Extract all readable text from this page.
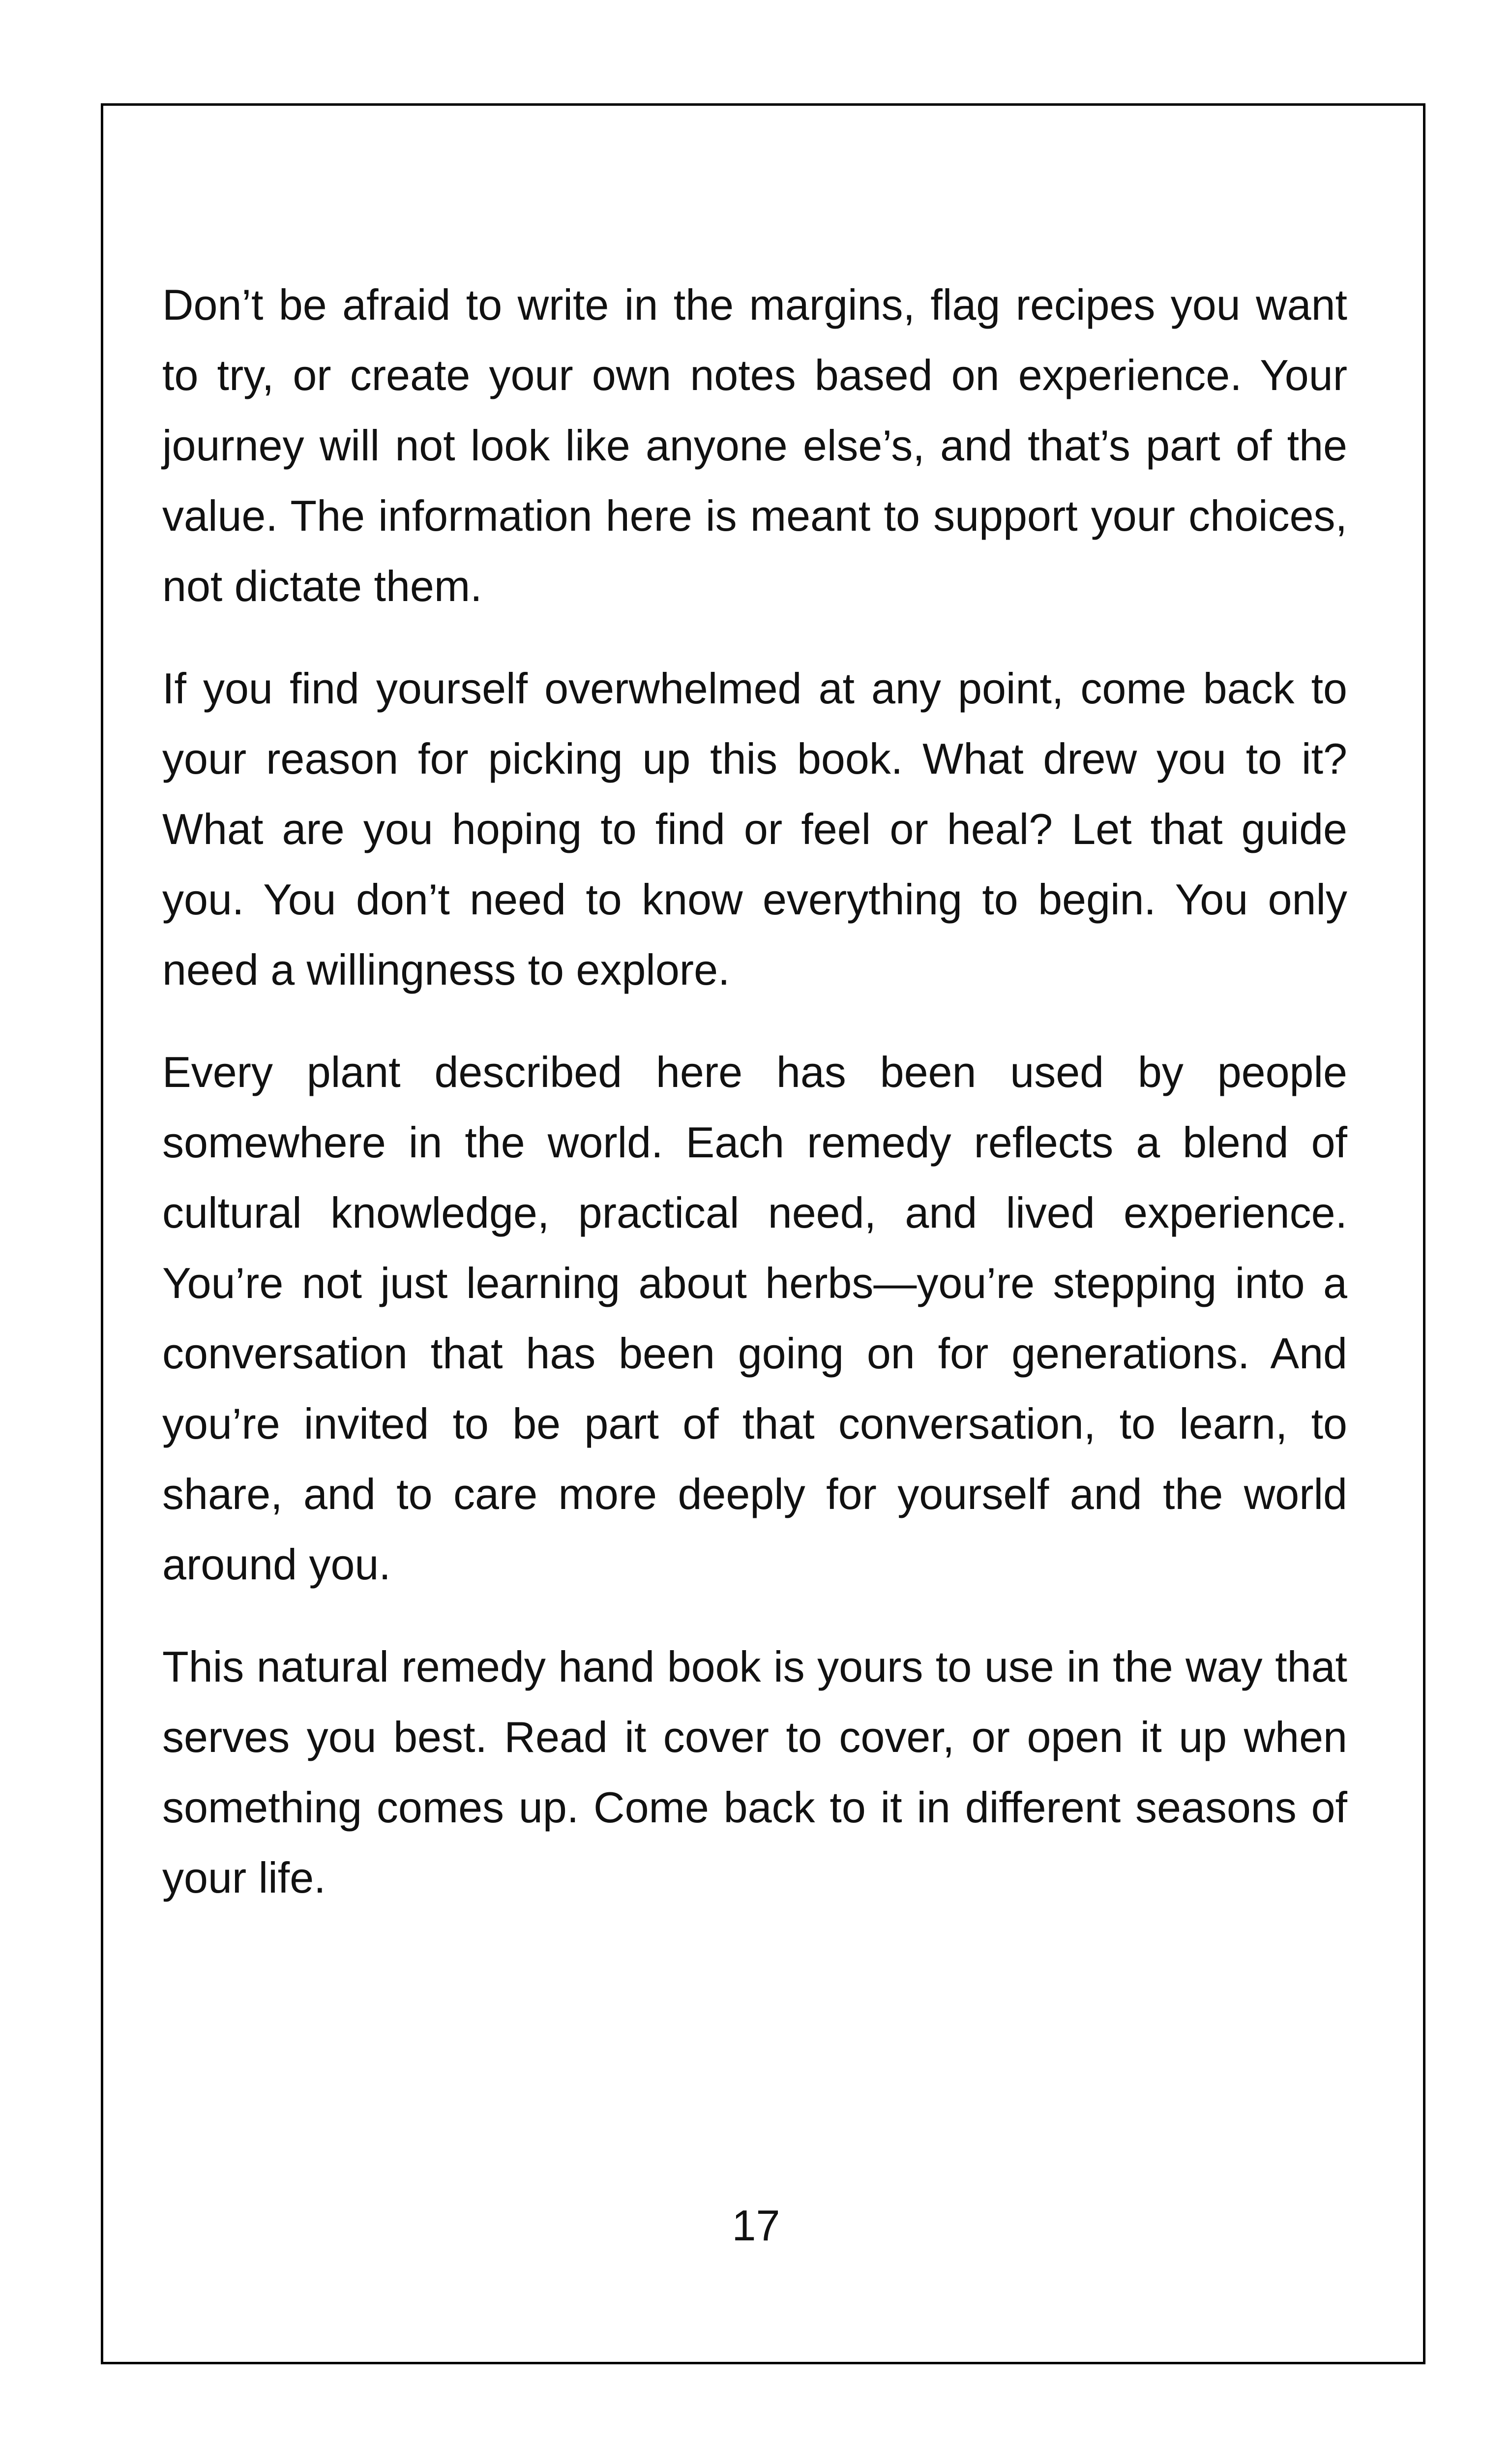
Don’t be afraid to write in the margins, flag recipes you want to try, or create your own notes based on experience. Your journey will not look like anyone else’s, and that’s part of the value. The information here is meant to support your choices, not dictate them.

If you find yourself overwhelmed at any point, come back to your reason for picking up this book. What drew you to it? What are you hoping to find or feel or heal? Let that guide you. You don’t need to know everything to begin. You only need a willingness to explore.

Every plant described here has been used by people somewhere in the world. Each remedy reflects a blend of cultural knowledge, practical need, and lived experience. You’re not just learning about herbs—you’re stepping into a conversation that has been going on for generations. And you’re invited to be part of that conversation, to learn, to share, and to care more deeply for yourself and the world around you.

This natural remedy hand book is yours to use in the way that serves you best. Read it cover to cover, or open it up when something comes up. Come back to it in different seasons of your life.

17
